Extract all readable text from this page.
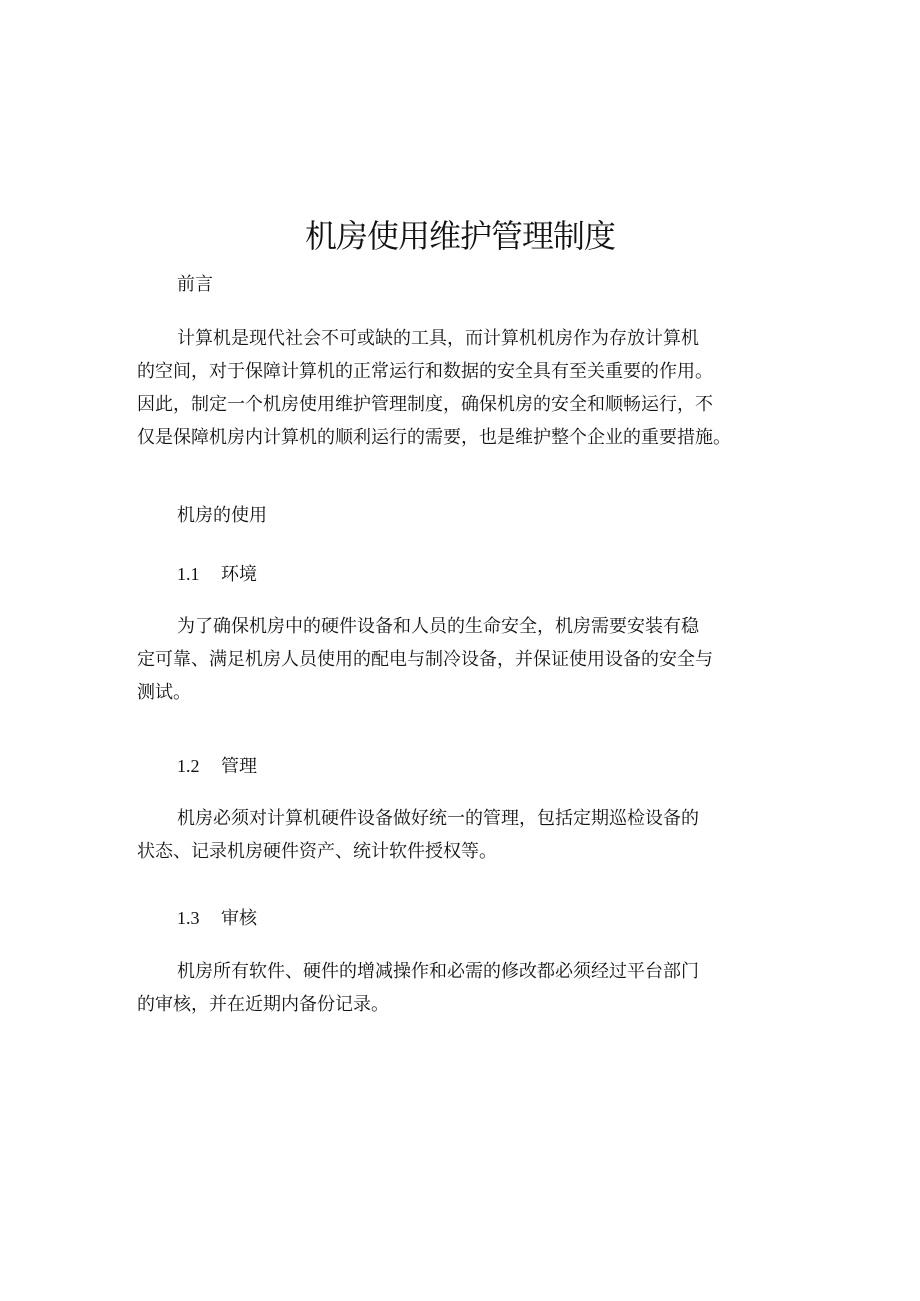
机房使用维护管理制度

前言

计算机是现代社会不可或缺的工具，而计算机机房作为存放计算机
的空间，对于保障计算机的正常运行和数据的安全具有至关重要的作用。
因此，制定一个机房使用维护管理制度，确保机房的安全和顺畅运行，不
仅是保障机房内计算机的顺利运行的需要，也是维护整个企业的重要措施。

机房的使用

1.1 环境

为了确保机房中的硬件设备和人员的生命安全，机房需要安装有稳
定可靠、满足机房人员使用的配电与制冷设备，并保证使用设备的安全与
测试。

1.2 管理

机房必须对计算机硬件设备做好统一的管理，包括定期巡检设备的
状态、记录机房硬件资产、统计软件授权等。

1.3 审核

机房所有软件、硬件的增减操作和必需的修改都必须经过平台部门
的审核，并在近期内备份记录。
